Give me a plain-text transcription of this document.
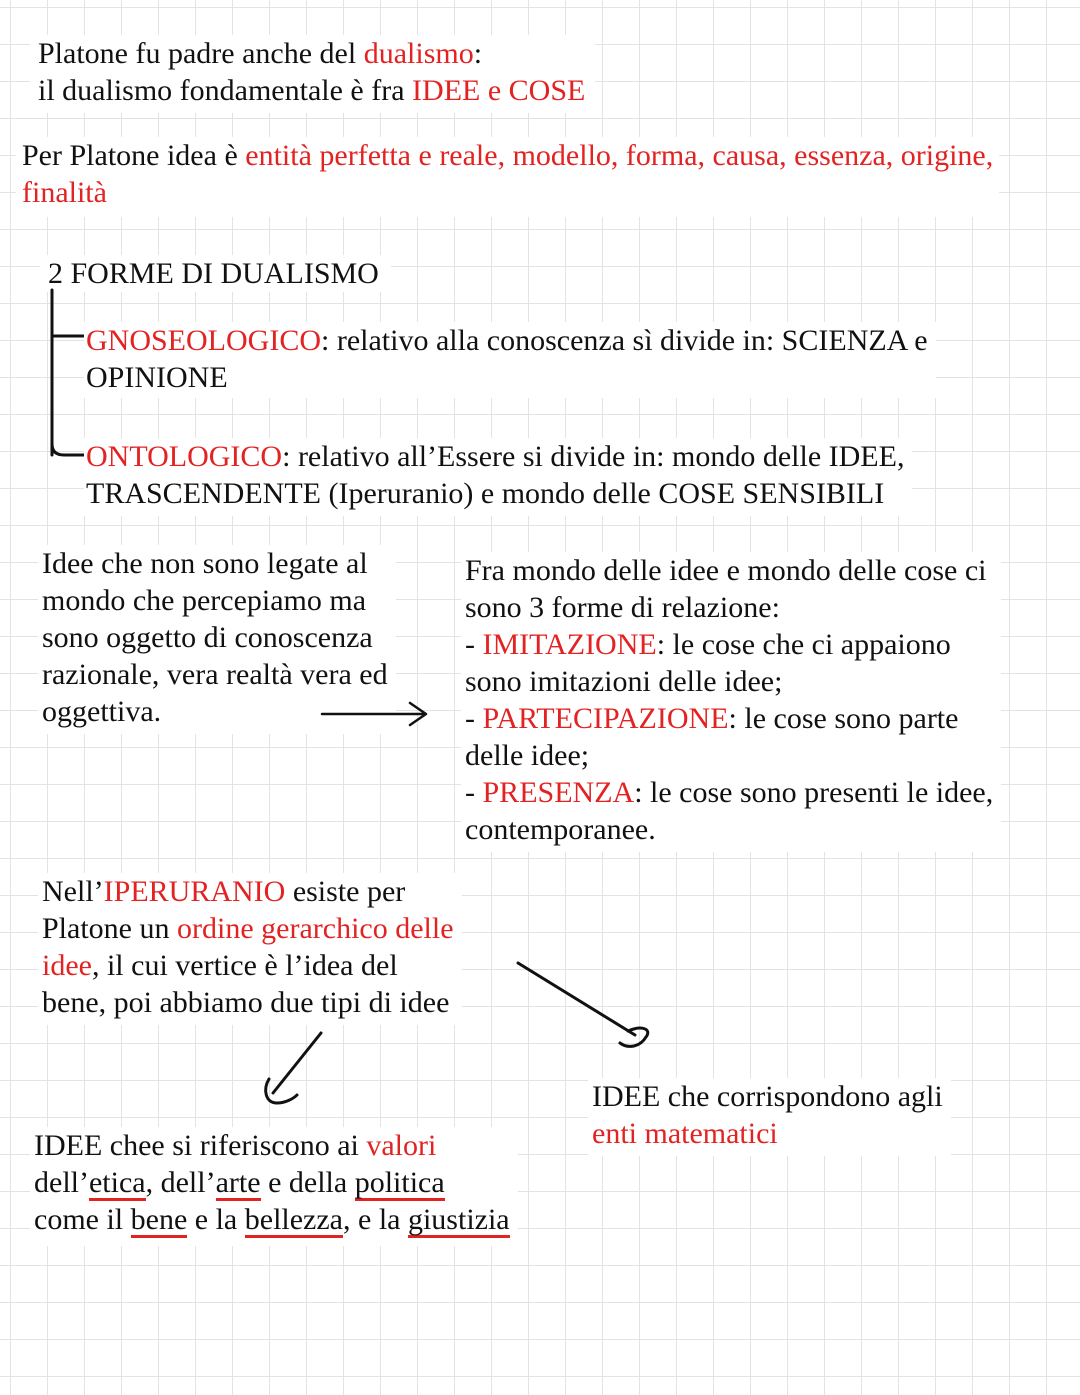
Platone fu padre anche del dualismo:
il dualismo fondamentale è fra IDEE e COSE
Per Platone idea è entità perfetta e reale, modello, forma, causa, essenza, origine,
finalità
2 FORME DI DUALISMO
GNOSEOLOGICO: relativo alla conoscenza sì divide in: SCIENZA e
OPINIONE
ONTOLOGICO: relativo all’Essere si divide in: mondo delle IDEE,
TRASCENDENTE (Iperuranio) e mondo delle COSE SENSIBILI
Idee che non sono legate al
mondo che percepiamo ma
sono oggetto di conoscenza
razionale, vera realtà vera ed
oggettiva.
Fra mondo delle idee e mondo delle cose ci
sono 3 forme di relazione:
- IMITAZIONE: le cose che ci appaiono
sono imitazioni delle idee;
- PARTECIPAZIONE: le cose sono parte
delle idee;
- PRESENZA: le cose sono presenti le idee,
contemporanee.
Nell’IPERURANIO esiste per
Platone un ordine gerarchico delle
idee, il cui vertice è l’idea del
bene, poi abbiamo due tipi di idee
IDEE che corrispondono agli
enti matematici
IDEE chee si riferiscono ai valori
dell’etica, dell’arte e della politica
come il bene e la bellezza, e la giustizia
